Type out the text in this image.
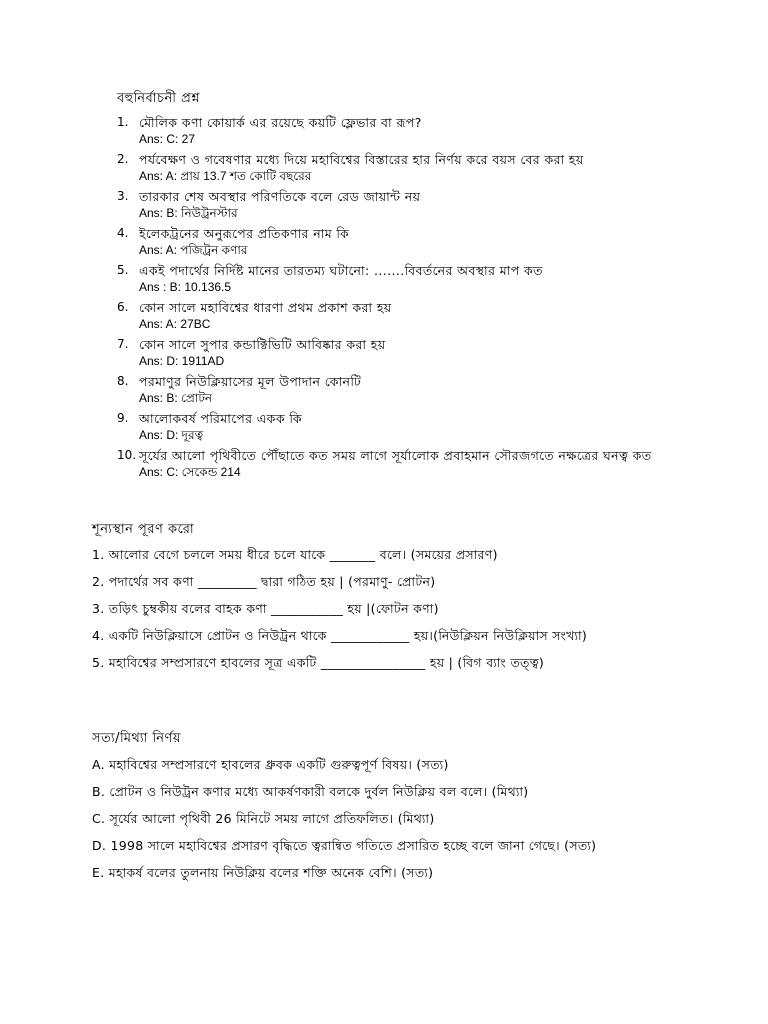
বহুনির্বাচনী প্রশ্ন
1. মৌলিক কণা কোয়ার্ক এর রয়েছে কয়টি ফ্লেভার বা রূপ?
Ans: C: 27
2. পর্যবেক্ষণ ও গবেষণার মধ্যে দিয়ে মহাবিশ্বের বিস্তারের হার নির্ণয় করে বয়স বের করা হয়
Ans: A: প্রায় 13.7 শত কোটি বছরের
3. তারকার শেষ অবস্থার পরিণতিকে বলে রেড জায়ান্ট নয়
Ans: B: নিউট্রনস্টার
4. ইলেকট্রনের অনুরূপের প্রতিকণার নাম কি
Ans: A: পজিট্রন কণার
5. একই পদার্থের নির্দিষ্ট মানের তারতম্য ঘটানো: .......বিবর্তনের অবস্থার মাপ কত
Ans : B: 10.136.5
6. কোন সালে মহাবিশ্বের ধারণা প্রথম প্রকাশ করা হয়
Ans: A: 27BC
7. কোন সালে সুপার কন্ডাক্টিভিটি আবিষ্কার করা হয়
Ans: D: 1911AD
8. পরমাণুর নিউক্লিয়াসের মূল উপাদান কোনটি
Ans: B: প্রোটন
9. আলোকবর্ষ পরিমাপের একক কি
Ans: D: দূরত্ব
10. সূর্যের আলো পৃথিবীতে পৌঁছাতে কত সময় লাগে সূর্যালোক প্রবাহমান সৌরজগতে নক্ষত্রের ঘনত্ব কত
Ans: C: সেকেন্ড 214
শূন্যস্থান পূরণ করো

1. আলোর বেগে চললে সময় ধীরে চলে যাকে _______ বলে। (সময়ের প্রসারণ)

2. পদার্থের সব কণা _________ দ্বারা গঠিত হয় | (পরমাণু- প্রোটন)

3. তড়িৎ চুম্বকীয় বলের বাহক কণা ___________ হয় |(ফোটন কণা)

4. একটি নিউক্লিয়াসে প্রোটন ও নিউট্রন থাকে ____________ হয়।(নিউক্লিয়ন নিউক্লিয়াস সংখ্যা)

5. মহাবিশ্বের সম্প্রসারণে হাবলের সূত্র একটি ________________ হয় | (বিগ ব্যাং তত্ত্ব)

সত্য/মিথ্যা নির্ণয়

A. মহাবিশ্বের সম্প্রসারণে হাবলের ধ্রুবক একটি গুরুত্বপূর্ণ বিষয়। (সত্য)

B. প্রোটন ও নিউট্রন কণার মধ্যে আকর্ষণকারী বলকে দুর্বল নিউক্লিয় বল বলে। (মিথ্যা)

C. সূর্যের আলো পৃথিবী 26 মিনিটে সময় লাগে প্রতিফলিত। (মিথ্যা)

D. 1998 সালে মহাবিশ্বের প্রসারণ বৃদ্ধিতে ত্বরান্বিত গতিতে প্রসারিত হচ্ছে বলে জানা গেছে। (সত্য)

E. মহাকর্ষ বলের তুলনায় নিউক্লিয় বলের শক্তি অনেক বেশি। (সত্য)
